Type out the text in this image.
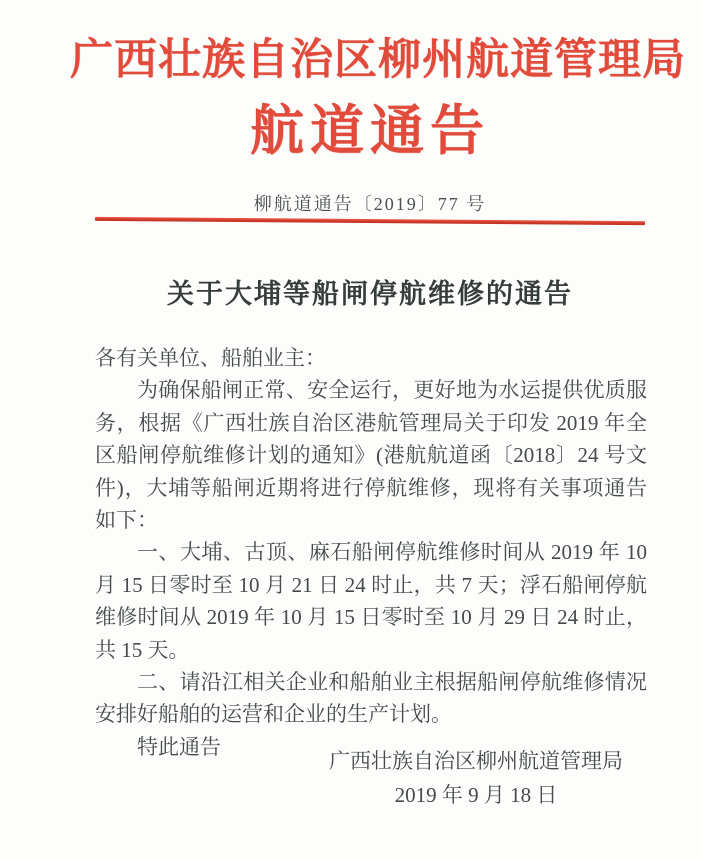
广西壮族自治区柳州航道管理局
航道通告
柳航道通告〔2019〕77 号
关于大埔等船闸停航维修的通告

各有关单位、船舶业主：

为确保船闸正常、安全运行，更好地为水运提供优质服务，根据《广西壮族自治区港航管理局关于印发 2019 年全区船闸停航维修计划的通知》(港航航道函〔2018〕24 号文件)，大埔等船闸近期将进行停航维修，现将有关事项通告如下：

一、大埔、古顶、麻石船闸停航维修时间从 2019 年 10 月 15 日零时至 10 月 21 日 24 时止，共 7 天；浮石船闸停航维修时间从 2019 年 10 月 15 日零时至 10 月 29 日 24 时止，共 15 天。

二、请沿江相关企业和船舶业主根据船闸停航维修情况安排好船舶的运营和企业的生产计划。

特此通告

广西壮族自治区柳州航道管理局
2019 年 9 月 18 日
